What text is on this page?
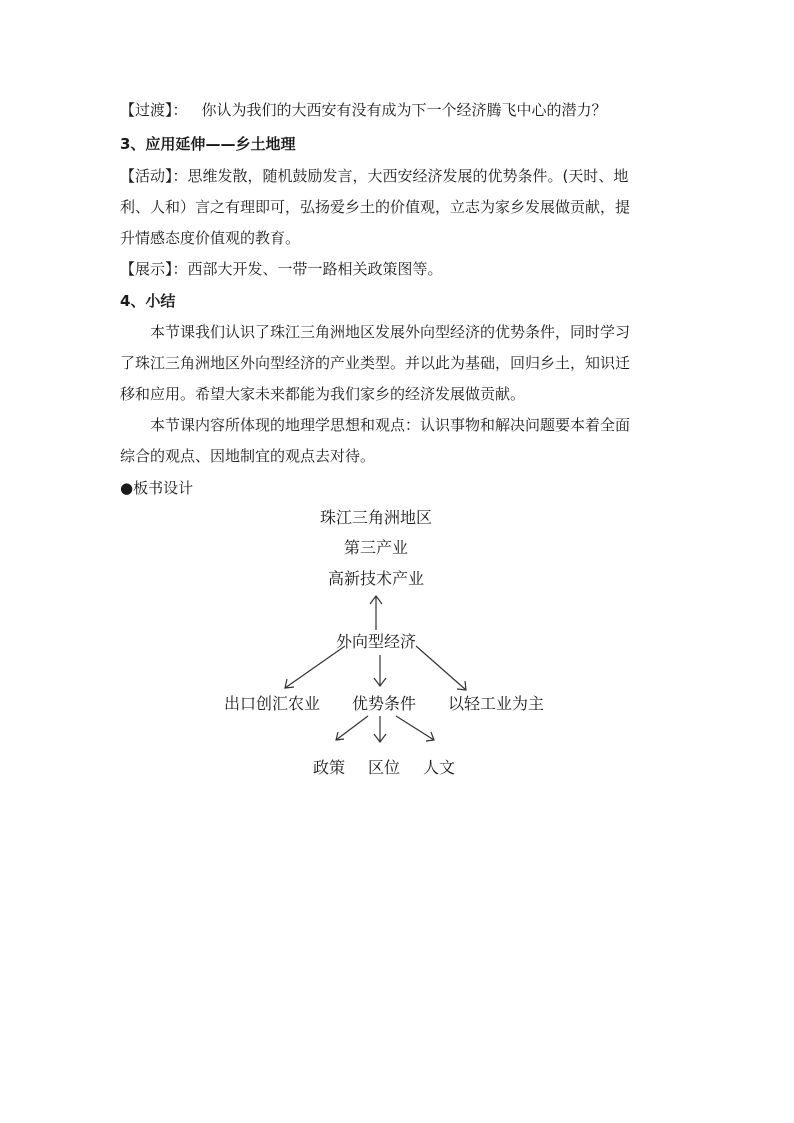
【过渡】： 你认为我们的大西安有没有成为下一个经济腾飞中心的潜力？
3、应用延伸——乡土地理
【活动】：思维发散，随机鼓励发言，大西安经济发展的优势条件。(天时、地
利、人和）言之有理即可，弘扬爱乡土的价值观，立志为家乡发展做贡献，提
升情感态度价值观的教育。
【展示】：西部大开发、一带一路相关政策图等。
4、小结
本节课我们认识了珠江三角洲地区发展外向型经济的优势条件，同时学习
了珠江三角洲地区外向型经济的产业类型。并以此为基础，回归乡土，知识迁
移和应用。希望大家未来都能为我们家乡的经济发展做贡献。
本节课内容所体现的地理学思想和观点：认识事物和解决问题要本着全面
综合的观点、因地制宜的观点去对待。
●板书设计
珠江三角洲地区
第三产业
高新技术产业
外向型经济
出口创汇农业 优势条件 以轻工业为主
政策 区位 人文
